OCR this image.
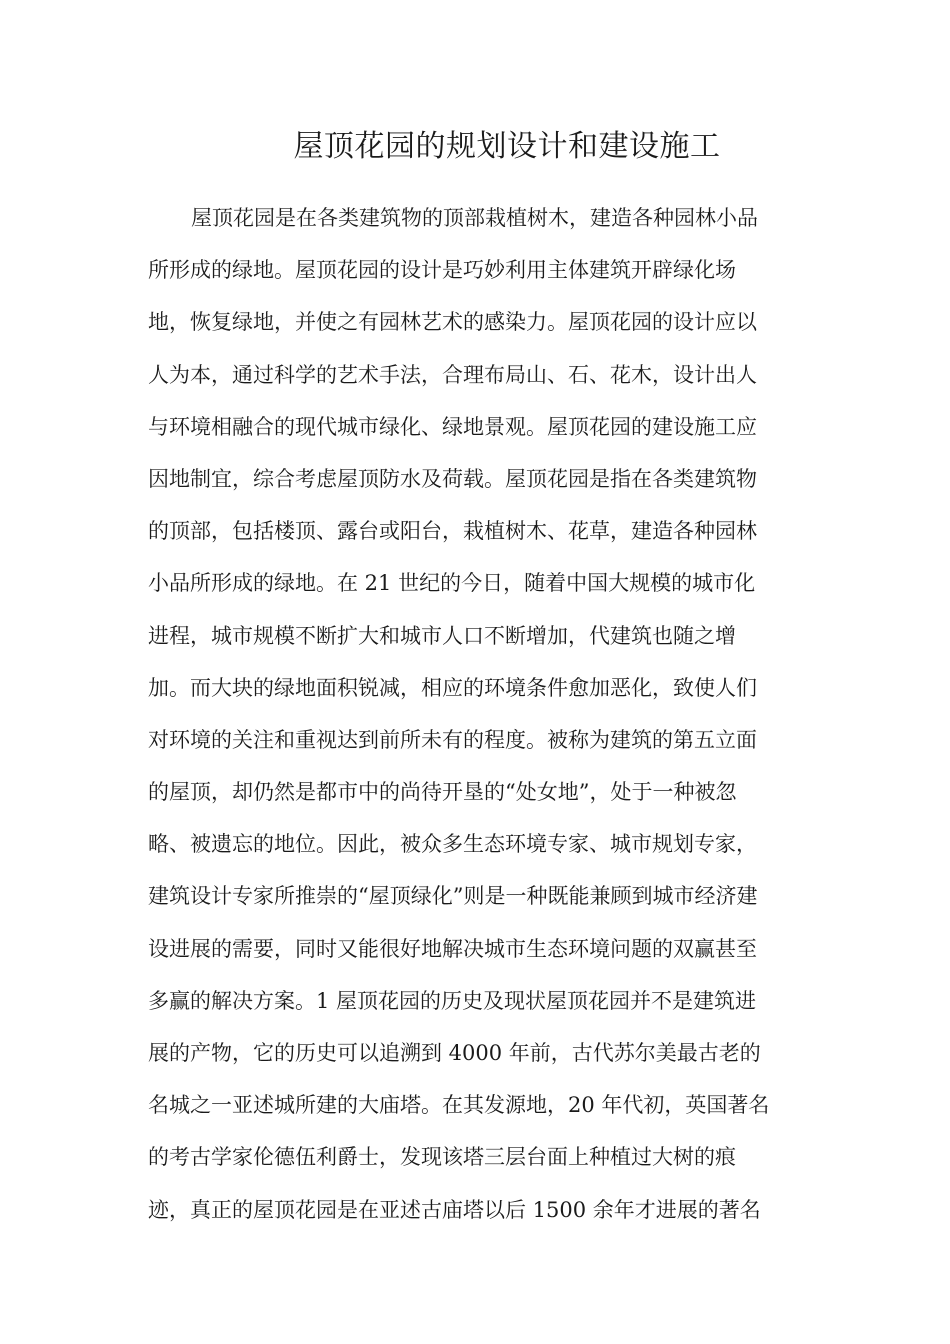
屋顶花园的规划设计和建设施工
屋顶花园是在各类建筑物的顶部栽植树木，建造各种园林小品
所形成的绿地。屋顶花园的设计是巧妙利用主体建筑开辟绿化场
地，恢复绿地，并使之有园林艺术的感染力。屋顶花园的设计应以
人为本，通过科学的艺术手法，合理布局山、石、花木，设计出人
与环境相融合的现代城市绿化、绿地景观。屋顶花园的建设施工应
因地制宜，综合考虑屋顶防水及荷载。屋顶花园是指在各类建筑物
的顶部，包括楼顶、露台或阳台，栽植树木、花草，建造各种园林
小品所形成的绿地。在 21 世纪的今日，随着中国大规模的城市化
进程，城市规模不断扩大和城市人口不断增加，代建筑也随之增
加。而大块的绿地面积锐减，相应的环境条件愈加恶化，致使人们
对环境的关注和重视达到前所未有的程度。被称为建筑的第五立面
的屋顶，却仍然是都市中的尚待开垦的“处女地”，处于一种被忽
略、被遗忘的地位。因此，被众多生态环境专家、城市规划专家，
建筑设计专家所推崇的“屋顶绿化”则是一种既能兼顾到城市经济建
设进展的需要，同时又能很好地解决城市生态环境问题的双赢甚至
多赢的解决方案。1 屋顶花园的历史及现状屋顶花园并不是建筑进
展的产物，它的历史可以追溯到 4000 年前，古代苏尔美最古老的
名城之一亚述城所建的大庙塔。在其发源地，20 年代初，英国著名
的考古学家伦德伍利爵士，发现该塔三层台面上种植过大树的痕
迹，真正的屋顶花园是在亚述古庙塔以后 1500 余年才进展的著名
